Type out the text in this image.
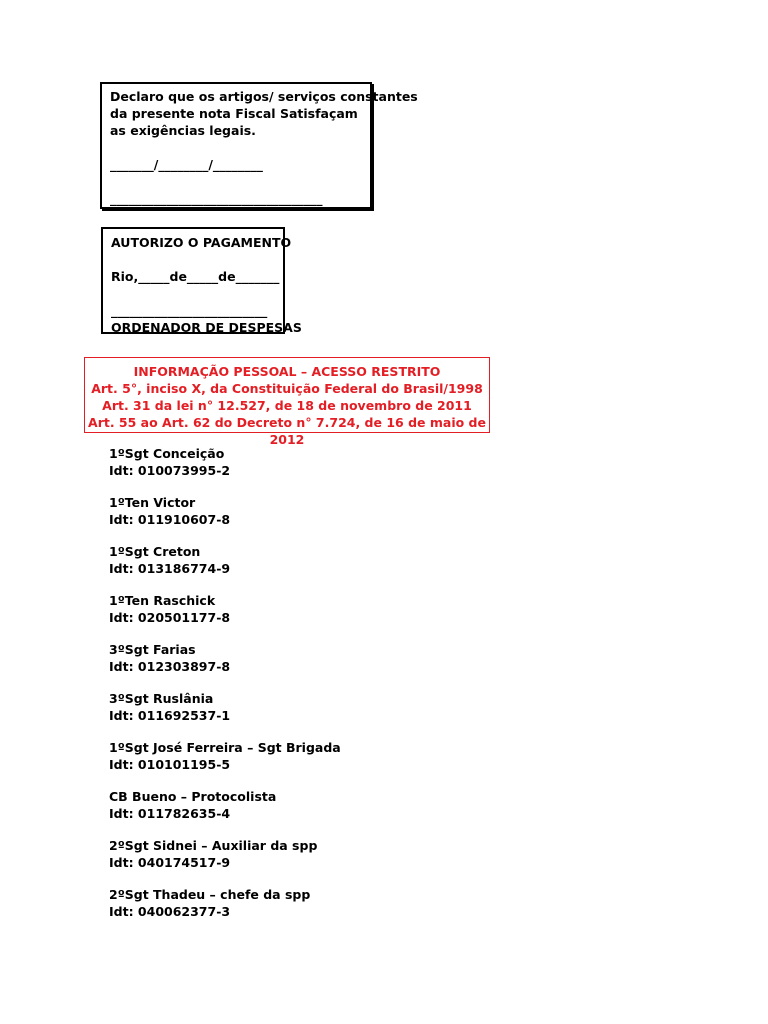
Declaro que os artigos/ serviços constantes
da presente nota Fiscal Satisfaçam
as exigências legais.
_______/________/________
__________________________________
AUTORIZO O PAGAMENTO
Rio,_____de_____de_______
_________________________
ORDENADOR DE DESPESAS
INFORMAÇÃO PESSOAL – ACESSO RESTRITO
Art. 5°, inciso X, da Constituição Federal do Brasil/1998
Art. 31 da lei n° 12.527, de 18 de novembro de 2011
Art. 55 ao Art. 62 do Decreto n° 7.724, de 16 de maio de 2012
1ºSgt Conceição
Idt: 010073995-2
1ºTen Victor
Idt: 011910607-8
1ºSgt Creton
Idt: 013186774-9
1ºTen Raschick
Idt: 020501177-8
3ºSgt Farias
Idt: 012303897-8
3ºSgt Ruslânia
Idt: 011692537-1
1ºSgt José Ferreira – Sgt Brigada
Idt: 010101195-5
CB Bueno – Protocolista
Idt: 011782635-4
2ºSgt Sidnei – Auxiliar da spp
Idt: 040174517-9
2ºSgt Thadeu – chefe da spp
Idt: 040062377-3
